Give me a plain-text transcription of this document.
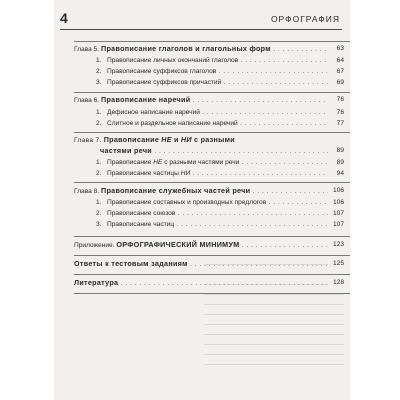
4	ОРФОГРАФИЯ
Глава 5. Правописание глаголов и глагольных форм . . .	63
1. Правописание личных окончаний глаголов . . .	64
2. Правописание суффиксов глаголов . . .	67
3. Правописание суффиксов причастий . . .	69
Глава 6. Правописание наречий . . .	76
1. Дефисное написание наречий . . .	76
2. Слитное и раздельное написание наречий . . .	77
Глава 7. Правописание НЕ и НИ с разными
частями речи . . .	89
1. Правописание НЕ с разными частями речи . . .	89
2. Правописание частицы НИ . . .	94
Глава 8. Правописание служебных частей речи . . .	106
1. Правописание составных и производных предлогов . . .	106
2. Правописание союзов . . .	107
3. Правописание частиц . . .	107
Приложение. ОРФОГРАФИЧЕСКИЙ МИНИМУМ . . .	123
Ответы к тестовым заданиям . . .	125
Литература . . .	128
